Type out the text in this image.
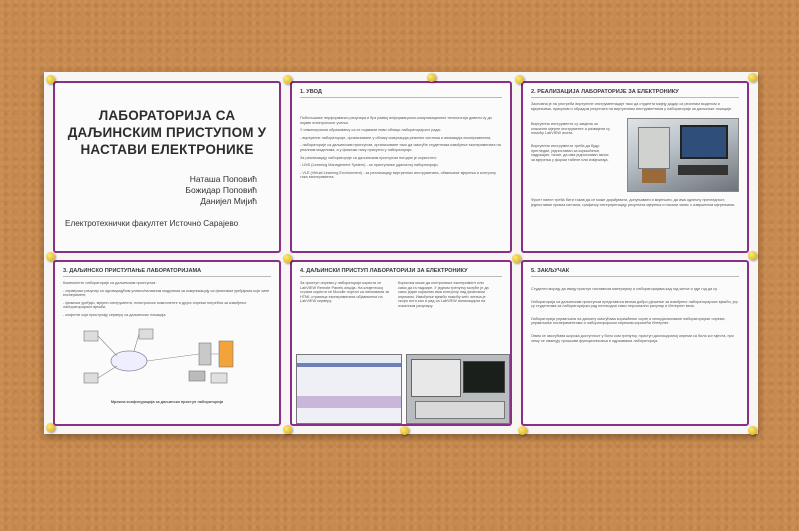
ЛАБОРАТОРИЈА СА
ДАЉИНСКИМ ПРИСТУПОМ У
НАСТАВИ ЕЛЕКТРОНИКЕ
Наташа Поповић
Божидар Поповић
Данијел Мијић
Електротехнички факултет Источно Сарајево
1. УВОД
Побољшање перформанси рачунара и брз развој информационо-комуникационих технологија довели су до појаве електронског учења.
У инжењерском образовању са се појавили нови облици лабораторијског рада:
- виртуелне лабораторије, организоване у облику симулација реалних система и анимација експеримената,
- лабораторије са даљинским приступом, организоване тако да омогуће студентима извођење експеримената на реалним моделима, а у физички нису присутни у лабораторији.
За реализацију лабораторије са даљинским приступом погодно је користити:
- LMS (Learning Management System) - за приступање удаљеној лабораторији,
- VLE (Virtual Learning Environment) - за реализацију виртуелних инструмената, обављање мјерења и контролу тока експеримента.
2. РЕАЛИЗАЦИЈА ЛАБОРАТОРИЈЕ ЗА ЕЛЕКТРОНИКУ
Засновна је на употреби виртуелне инструментације тако да студенти мијеју додир са реалним моделом и мјерењима, прикупом и обрадом резултата на виртуелним инструментима у лабораторији за даљинске локације.
Виртуелни инструменти су замјена за класичне мјерне инструменте и развијени су помоћу LabVIEW алата.
Виртуелни инструменти треба да буду: прегледан, једноставан за коришћење, садржајан, тачан, да има једноставан запис за мјерења у форми табеле или извјештаја.
Фронт панел треба бити такав да се може дорађивати, допуњавати и мијењати, да има одличну прегледност, једноставан приказ сигнала, графичку интерпретацију резултата мјерења и писани запис о извршеним мјерењима.
3. ДАЉИНСКО ПРИСТУПАЊЕ ЛАБОРАТОРИЈАМА
Компоненте лабораторије са даљинским приступом :
- серверски рачунар са одговарајућим улазно/излазним модулима за комуникацију са физичким уређајима који чине експеримент,
- физички уређаји, мјерни инструменти, електронске компоненте и друга опрема потребна за извођење лабораторијских вјежби,
- клијенти који приступају серверу са даљинских локација.
Мрежна конфигурација за даљински приступ лабораторији
4. ДАЉИНСКИ ПРИСТУП ЛАБОРАТОРИЈИ ЗА ЕЛЕКТРОНИКУ
За приступ опреми у лабораторији користи се LabVIEW Remote Panels опција. На клијентској страни користи се Moodle портал са линковима за HTML странице експеримената објављених на LabVIEW серверу.
Корисник може да контролише експеримент или само да га надзире. У једном тренутку могуће је да само један корисник има контролу над физичком опремом. Извођење вјежби помоћу web читача је скоро исто као и рад са LabVIEW апликацијом на локалном рачунару.
5. ЗАКЉУЧАК
Студенти морају да имају приступ наставном материјалу и лабораторијама кад год жеље и гдје год да су.
Лабораторија са даљинским приступом представља веома добро рјешење за извођење лабораторијских вјежби, јер су студентима за лабораторијски рад неопходни само персонални рачунар и Интернет веза.
Лабораторија управљана на даљину омогућава коришћење скупе и специјализоване лабораторијске опреме, управљање експериментима и лабораторијском опремом корисећи Интернет.
Овим се омогућава широка доступност у било ком тренутку, приступ дислоцираној опреми са било ког мјеста, при чему се смањују трошкови функционисања и одржавања лабораторија.
